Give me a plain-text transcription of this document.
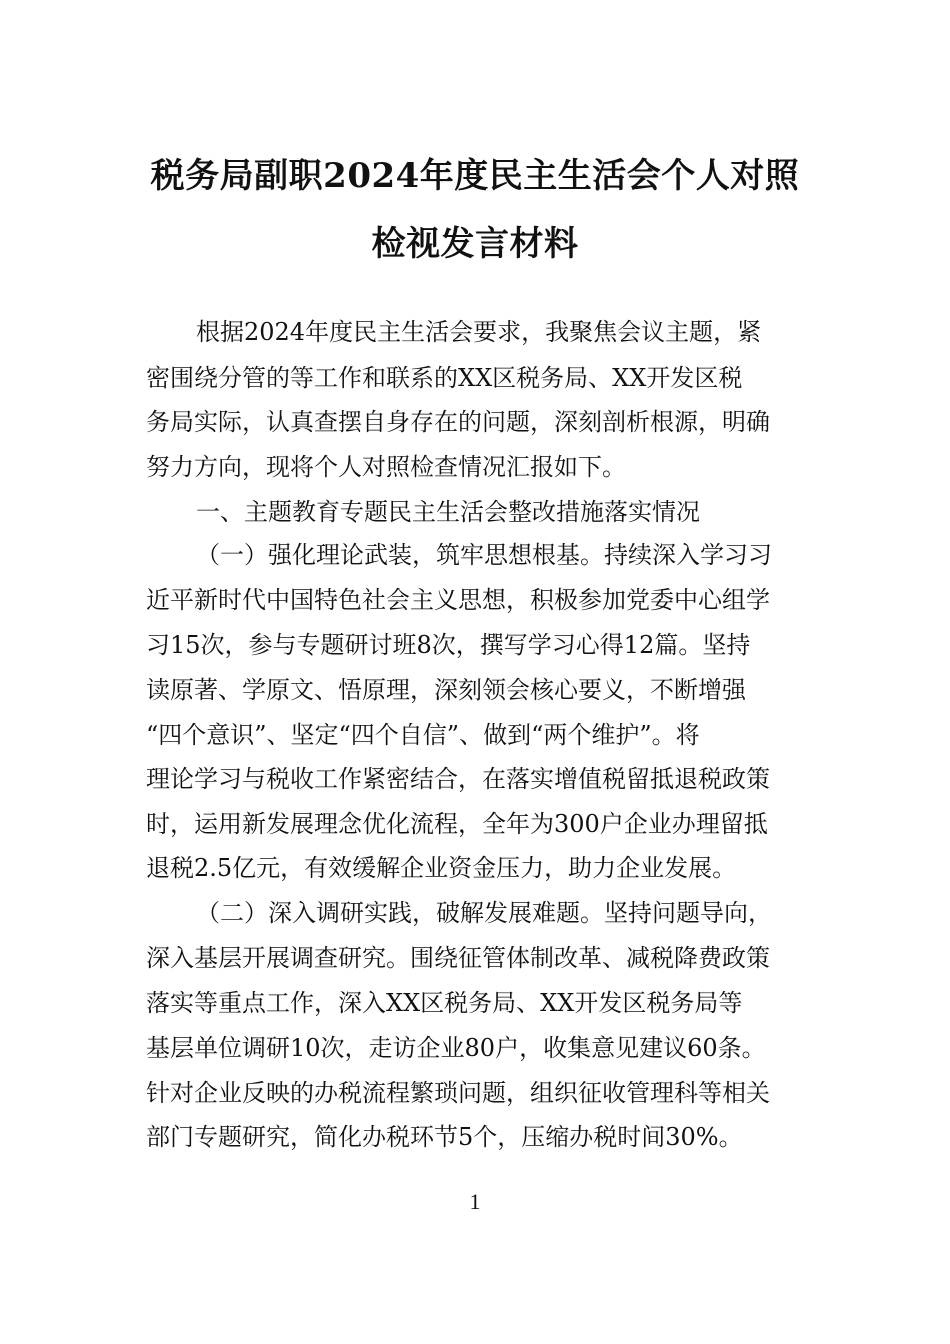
税务局副职2024年度民主生活会个人对照
检视发言材料
根据2024年度民主生活会要求，我聚焦会议主题，紧
密围绕分管的等工作和联系的XX区税务局、XX开发区税
务局实际，认真查摆自身存在的问题，深刻剖析根源，明确
努力方向，现将个人对照检查情况汇报如下。
一、主题教育专题民主生活会整改措施落实情况
（一）强化理论武装，筑牢思想根基。持续深入学习习
近平新时代中国特色社会主义思想，积极参加党委中心组学
习15次，参与专题研讨班8次，撰写学习心得12篇。坚持
读原著、学原文、悟原理，深刻领会核心要义，不断增强
“四个意识”、坚定“四个自信”、做到“两个维护”。将
理论学习与税收工作紧密结合，在落实增值税留抵退税政策
时，运用新发展理念优化流程，全年为300户企业办理留抵
退税2.5亿元，有效缓解企业资金压力，助力企业发展。
（二）深入调研实践，破解发展难题。坚持问题导向，
深入基层开展调查研究。围绕征管体制改革、减税降费政策
落实等重点工作，深入XX区税务局、XX开发区税务局等
基层单位调研10次，走访企业80户，收集意见建议60条。
针对企业反映的办税流程繁琐问题，组织征收管理科等相关
部门专题研究，简化办税环节5个，压缩办税时间30%。
1
